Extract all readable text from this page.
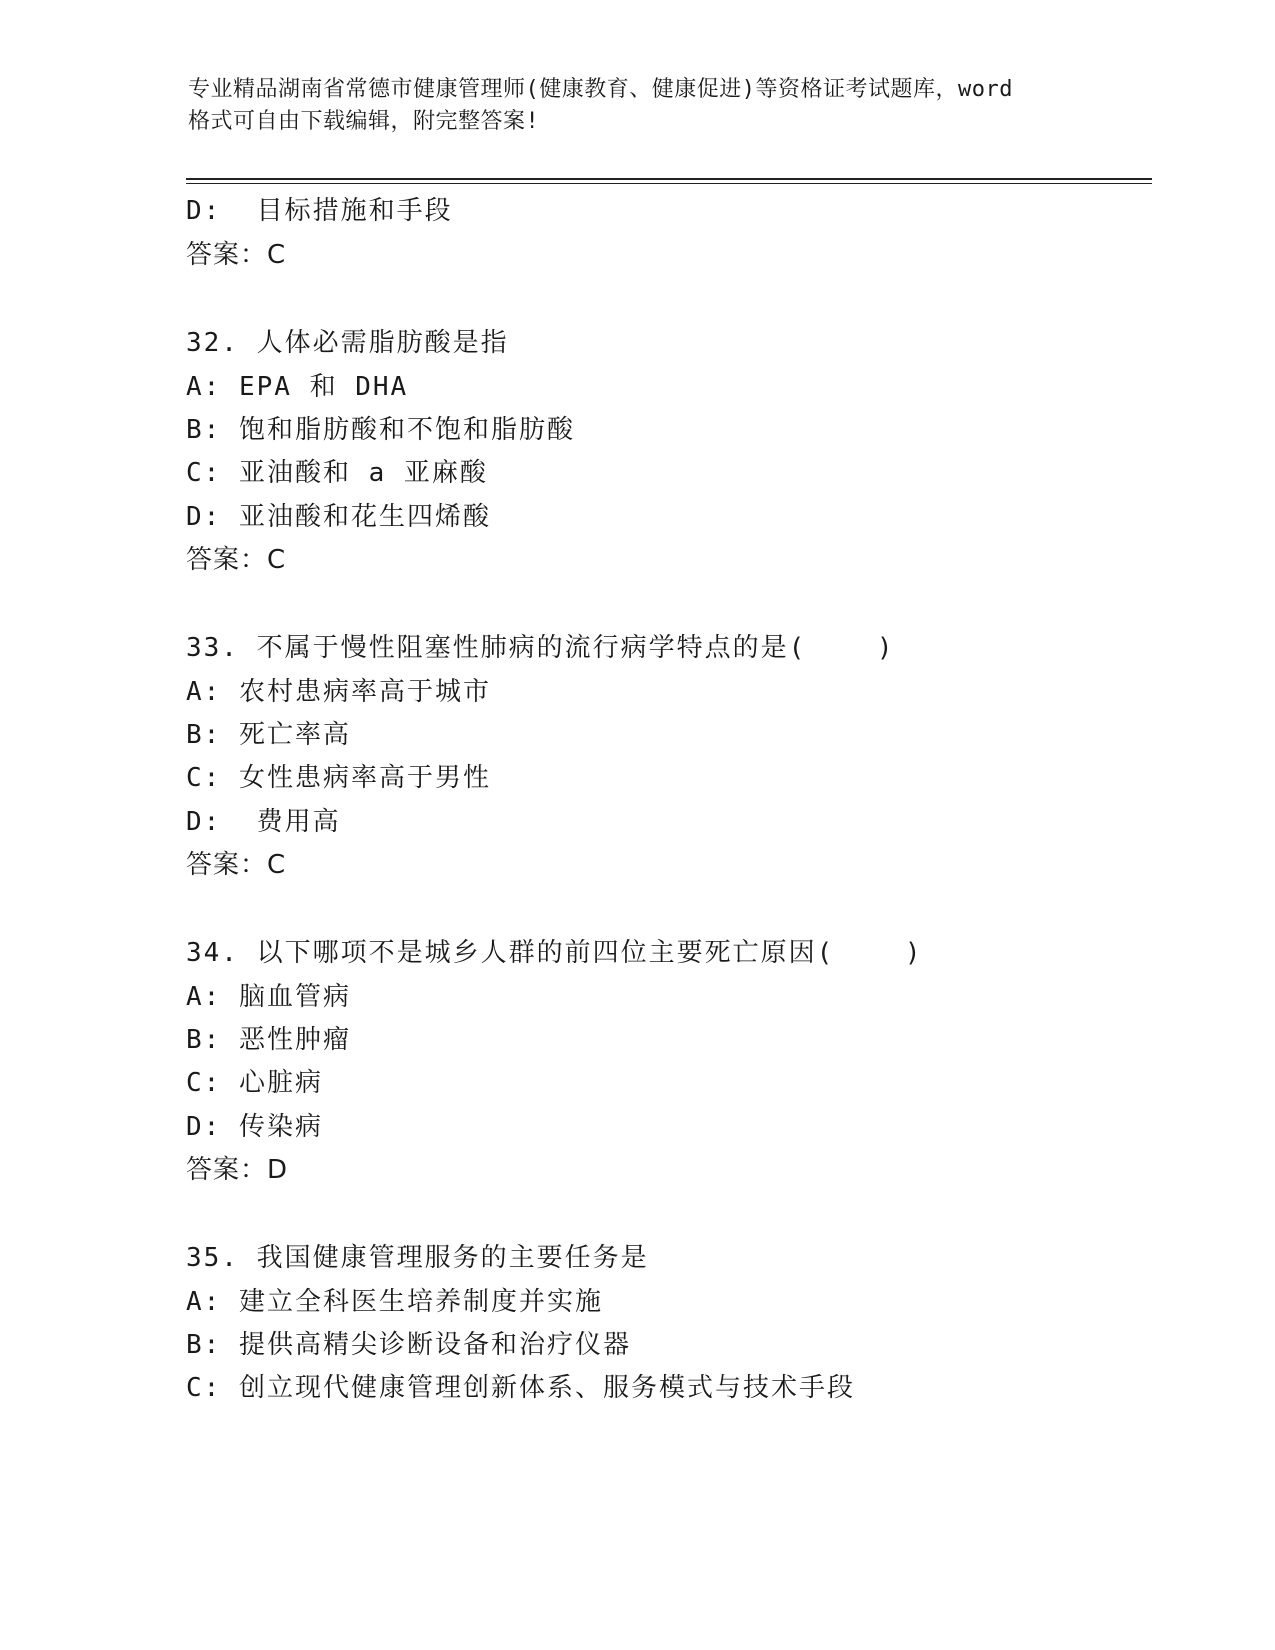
专业精品湖南省常德市健康管理师(健康教育、健康促进)等资格证考试题库，word
格式可自由下载编辑，附完整答案!
D:  目标措施和手段
答案：C
32. 人体必需脂肪酸是指
A: EPA 和 DHA
B: 饱和脂肪酸和不饱和脂肪酸
C: 亚油酸和 a 亚麻酸
D: 亚油酸和花生四烯酸
答案：C
33. 不属于慢性阻塞性肺病的流行病学特点的是(    )
A: 农村患病率高于城市
B: 死亡率高
C: 女性患病率高于男性
D:  费用高
答案：C
34. 以下哪项不是城乡人群的前四位主要死亡原因(    )
A: 脑血管病
B: 恶性肿瘤
C: 心脏病
D: 传染病
答案：D
35. 我国健康管理服务的主要任务是
A: 建立全科医生培养制度并实施
B: 提供高精尖诊断设备和治疗仪器
C: 创立现代健康管理创新体系、服务模式与技术手段
